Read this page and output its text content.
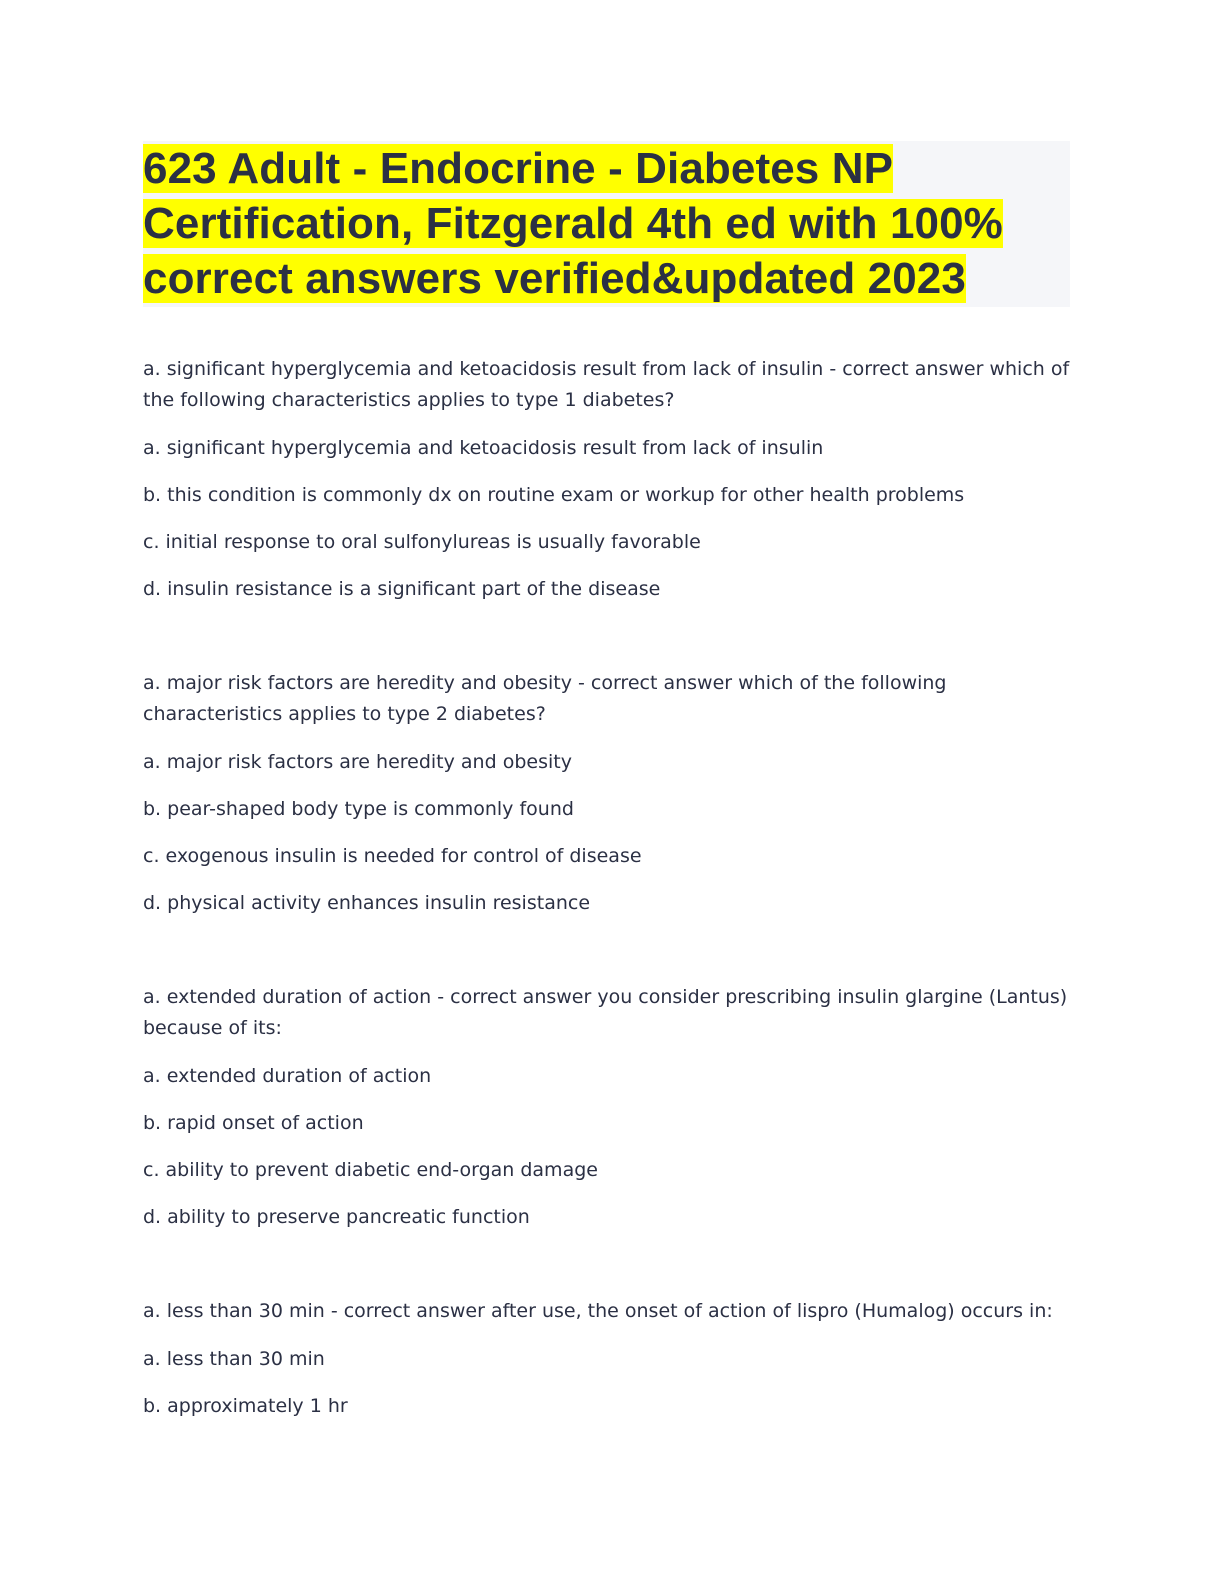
623 Adult - Endocrine - Diabetes NP Certification, Fitzgerald 4th ed with 100% correct answers verified&updated 2023

a. significant hyperglycemia and ketoacidosis result from lack of insulin - correct answer which of the following characteristics applies to type 1 diabetes?

a. significant hyperglycemia and ketoacidosis result from lack of insulin

b. this condition is commonly dx on routine exam or workup for other health problems

c. initial response to oral sulfonylureas is usually favorable

d. insulin resistance is a significant part of the disease

a. major risk factors are heredity and obesity - correct answer which of the following characteristics applies to type 2 diabetes?

a. major risk factors are heredity and obesity

b. pear-shaped body type is commonly found

c. exogenous insulin is needed for control of disease

d. physical activity enhances insulin resistance

a. extended duration of action - correct answer you consider prescribing insulin glargine (Lantus) because of its:

a. extended duration of action

b. rapid onset of action

c. ability to prevent diabetic end-organ damage

d. ability to preserve pancreatic function

a. less than 30 min - correct answer after use, the onset of action of lispro (Humalog) occurs in:

a. less than 30 min

b. approximately 1 hr
